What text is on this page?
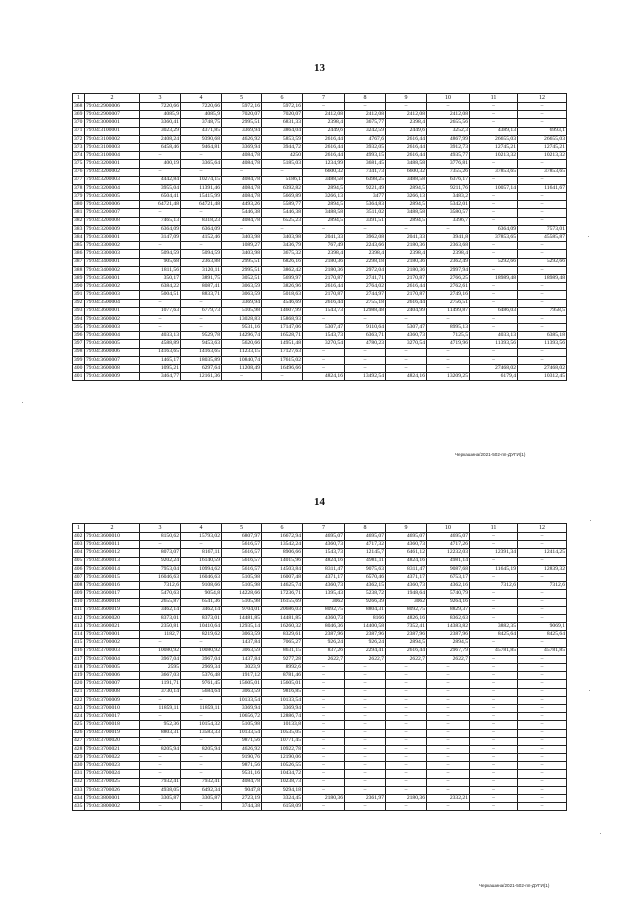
13
1	2	3	4	5	6	7	8	9	10	11	12
368	79:04:2900006	7220,66	7220,66	5972,16	5972,16	–	–	–	–	–	–
369	79:04:2900007	4085,9	4085,9	7020,07	7020,07	2412,08	2412,08	2412,08	2412,08	–	–
370	79:04:3000001	3360,41	3748,75	2995,51	6831,33	2398,4	3675,77	2398,4	2655,56	–	–
371	79:04:3100001	3023,29	4371,85	3369,94	3864,04	2449,6	3242,59	2449,6	3252,3	4389,13	6993,1
372	79:04:3100002	2408,24	9390,68	4626,92	5853,59	2616,44	4767,6	2616,44	4867,99	26655,03	26655,03
373	79:04:3100003	6458,46	9464,81	3369,94	3944,72	2616,44	3932,05	2616,44	3912,73	12745,21	12745,21
374	79:04:3100004	–	–	4084,78	4250	2616,44	4993,15	2616,44	4935,77	10213,32	10213,32
375	79:04:3200001	400,19	3365,64	4084,78	5185,03	1234,99	3681,45	3488,58	3776,81	–	–
376	79:04:3200002	–	–	–	–	6600,32	7341,73	6600,32	7355,26	37853,65	37853,65
377	79:04:3200003	4442,84	10274,15	4084,78	5186,1	3488,58	6398,25	3488,58	6376,17	–	–
378	79:04:3200004	3955,04	11391,46	4084,78	6392,82	2894,5	9221,49	2894,5	9211,76	10057,14	11641,67
379	79:04:3200005	6504,41	15415,99	4084,78	5669,89	3266,13	3477	3266,13	3483,2	–	–
380	79:04:3200006	64721,48	64721,48	4493,26	5589,77	2894,5	5364,83	2894,5	5342,01	–	–
381	79:04:3200007	–	–	5446,38	5446,38	3488,58	3511,02	3488,58	3580,57	–	–
382	79:04:3200008	7465,13	8318,23	4084,78	6525,23	2894,5	3391,51	2894,5	3396,7	–	–
383	79:04:3200009	6364,09	6364,09	–	–	–	–	–	–	6364,09	7573,01
384	79:04:3300001	3147,09	4152,46	3403,98	3403,98	2041,33	3962,08	2041,33	3941,8	37853,65	45585,87
385	79:04:3300002	–	–	1089,27	3436,79	767,49	2243,66	2180,36	2363,68	–	–
386	79:04:3300003	5094,59	5094,59	3403,98	3675,32	2398,4	2398,4	2398,4	2398,4	–	–
387	79:04:3400001	905,68	2363,88	2995,51	6826,16	2180,36	2298,18	2180,36	2362,49	5292,66	5292,66
388	79:04:3400002	1811,56	3120,11	2995,51	3862,42	2180,36	2972,04	2180,36	2997,94	–	–
389	79:04:3500001	350,17	3891,75	3052,51	5699,97	2170,87	2741,71	2170,87	2766,25	18989,48	18989,48
390	79:04:3500002	6384,22	8087,41	3063,59	3826,96	2616,44	2764,02	2616,44	2762,61	–	–
391	79:04:3500003	5004,51	8833,71	3063,59	5018,63	2170,87	2744,97	2170,87	2749,16	–	–
392	79:04:3500004	–	–	3369,94	4546,69	2616,44	2755,18	2616,44	2756,51	–	–
393	79:04:3600001	1077,63	6779,73	5105,98	14607,99	1543,73	12988,48	2404,99	11499,87	6486,03	7958,5
394	79:04:3600002	–	–	13028,83	15868,93	–	–	–	–	–	–
395	79:04:3600003	–	–	9531,16	17147,06	5307,47	9110,64	5307,47	8995,13	–	–
396	79:04:3600004	4033,13	9529,78	14296,74	16528,71	1543,73	6363,71	4360,73	7125,5	4033,13	6385,18
397	79:04:3600005	4588,89	9453,63	5620,66	14951,48	3270,54	4780,23	3270,54	4719,96	11393,56	11393,56
398	79:04:3600006	14163,65	14163,65	11233,15	17127,63	–	–	–	–	–	–
399	79:04:3600007	1465,17	18035,89	10840,74	17615,02	–	–	–	–	–	–
400	79:04:3600008	1095,21	6297,64	11208,49	16496,66	–	–	–	–	27468,02	27468,02
401	79:04:3600009	3464,77	12161,36	–	–	4824,16	13492,54	4824,16	13209,25	6179,4	10312,45
Черкашина/2021-502-пп-ДУГИ(1)
14
1	2	3	4	5	6	7	8	9	10	11	12
402	79:04:3600010	8150,62	15793,02	6807,97	16672,94	4695,07	4695,07	4695,07	4695,07	–	–
403	79:04:3600011	–	–	5616,57	13542,24	4360,73	4717,32	4360,73	4717,26	–	–
404	79:04:3600012	8073,07	8167,11	5616,57	8906,66	1543,73	12145,7	6461,12	12232,03	12391,34	12414,25
405	79:04:3600013	9202,24	16140,59	5616,57	14015,96	4824,16	4981,11	4824,16	4981,14	–	–
406	79:04:3600014	7953,04	10994,62	5616,57	14503,84	8311,47	9075,63	8311,47	9087,68	11645,19	12839,32
407	79:04:3600015	16046,63	16046,63	5105,98	16007,48	4371,17	6570,46	4371,17	6753,17	–	–
408	79:04:3600016	7312,6	9108,66	5105,98	14625,74	4360,73	4362,15	4360,73	4362,16	7312,6	7312,6
409	79:04:3600017	5470,63	9054,8	14228,66	17236,71	1395,43	5238,72	1948,64	5740,79	–	–
410	79:04:3600018	2655,87	6541,36	5105,98	16155,69	3062	9266,39	3062	9264,16	–	–
411	79:04:3600019	3462,14	3462,14	9704,01	20686,03	8092,75	8804,31	8092,75	8829,37	–	–
412	79:04:3600020	8373,01	8373,01	14481,85	14481,85	4360,73	8166	4826,16	8362,63	–	–
413	79:04:3600021	2350,81	10410,64	12935,14	16260,32	8046,36	14400,58	7352,41	14383,82	3882,35	9069,1
414	79:04:3700001	1182,7	8219,62	3063,59	8329,61	2387,96	2387,96	2387,96	2387,96	8425,64	8425,64
415	79:04:3700002	–	–	1437,84	7065,27	926,24	926,24	2894,5	2894,5	–	–
416	79:04:3700003	10080,92	10080,92	3063,59	8631,15	837,26	2294,41	2616,44	2967,79	45781,85	45781,85
417	79:04:3700004	3967,04	3967,04	1437,84	9277,28	2622,7	2622,7	2622,7	2622,7	–	–
418	79:04:3700005	2595	2969,34	3023,9	8992,6	–	–	–	–	–	–
419	79:04:3700006	3667,03	5376,48	1917,12	8781,46	–	–	–	–	–	–
420	79:04:3700007	1191,71	9761,45	15605,01	15605,01	–	–	–	–	–	–
421	79:04:3700008	3730,14	5684,64	3063,59	9816,85	–	–	–	–	–	–
422	79:04:3700009	–	–	10133,54	10133,54	–	–	–	–	–	–
423	79:04:3700010	11859,11	11859,11	3369,94	3369,94	–	–	–	–	–	–
424	79:04:3700017	–	–	10656,72	12886,74	–	–	–	–	–	–
425	79:04:3700018	952,36	10154,32	5105,98	10133,8	–	–	–	–	–	–
426	79:04:3700019	8803,31	13583,33	10133,54	10535,05	–	–	–	–	–	–
427	79:04:3700020	–	–	9871,56	10771,45	–	–	–	–	–	–
428	79:04:3700021	8205,94	8205,94	4626,92	10922,78	–	–	–	–	–	–
429	79:04:3700022	–	–	9190,76	12190,06	–	–	–	–	–	–
430	79:04:3700023	–	–	9871,56	10526,55	–	–	–	–	–	–
431	79:04:3700024	–	–	9531,16	10434,72	–	–	–	–	–	–
432	79:04:3700025	7932,41	7932,41	4084,78	10238,73	–	–	–	–	–	–
433	79:04:3700026	4938,05	6492,34	9047,8	9294,18	–	–	–	–	–	–
434	79:04:3800001	3305,87	3305,87	2723,19	3324,45	2180,36	2361,97	2180,36	2332,21	–	–
435	79:04:3800002	–	–	3744,38	6158,09	–	–	–	–	–	–
Черкашина/2021-502-пп-ДУГИ(1)
